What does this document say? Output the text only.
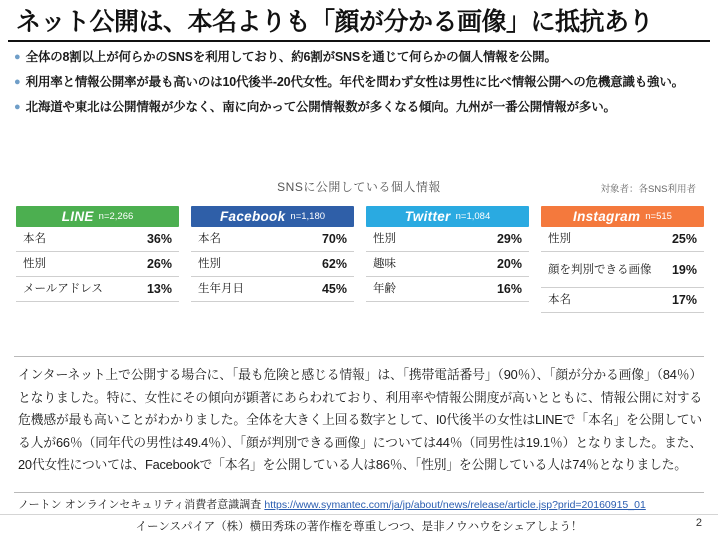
ネット公開は、本名よりも「顔が分かる画像」に抵抗あり
● 全体の8割以上が何らかのSNSを利用しており、約6割がSNSを通じて何らかの個人情報を公開。
● 利用率と情報公開率が最も高いのは10代後半‐20代女性。年代を問わず女性は男性に比べ情報公開への危機意識も強い。
● 北海道や東北は公開情報が少なく、南に向かって公開情報数が多くなる傾向。九州が一番公開情報が多い。
SNSに公開している個人情報	対象者：各SNS利用者
LINE n=2,266
本名	36%
性別	26%
メールアドレス	13%
Facebook n=1,180
本名	70%
性別	62%
生年月日	45%
Twitter n=1,084
性別	29%
趣味	20%
年齢	16%
Instagram n=515
性別	25%
顔を判別できる画像 19%
本名	17%
インターネット上で公開する場合に、「最も危険と感じる情報」は、「携帯電話番号」（90％）、「顔が分かる画像」（84％）となりました。特に、女性にその傾向が顕著にあらわれており、利用率や情報公開度が高いとともに、情報公開に対する危機感が最も高いことがわかりました。全体を大きく上回る数字として、I0代後半の女性はLINEで「本名」を公開している人が66％（同年代の男性は49.4％）、「顔が判別できる画像」については44％（同男性は19.1％）となりました。また、20代女性については、Facebookで「本名」を公開している人は86％、「性別」を公開している人は74％となりました。
ノートン オンラインセキュリティ消費者意識調査 https://www.symantec.com/ja/jp/about/news/release/article.jsp?prid=20160915_01
イーンスパイア（株）横田秀珠の著作権を尊重しつつ、是非ノウハウをシェアしよう！	2
